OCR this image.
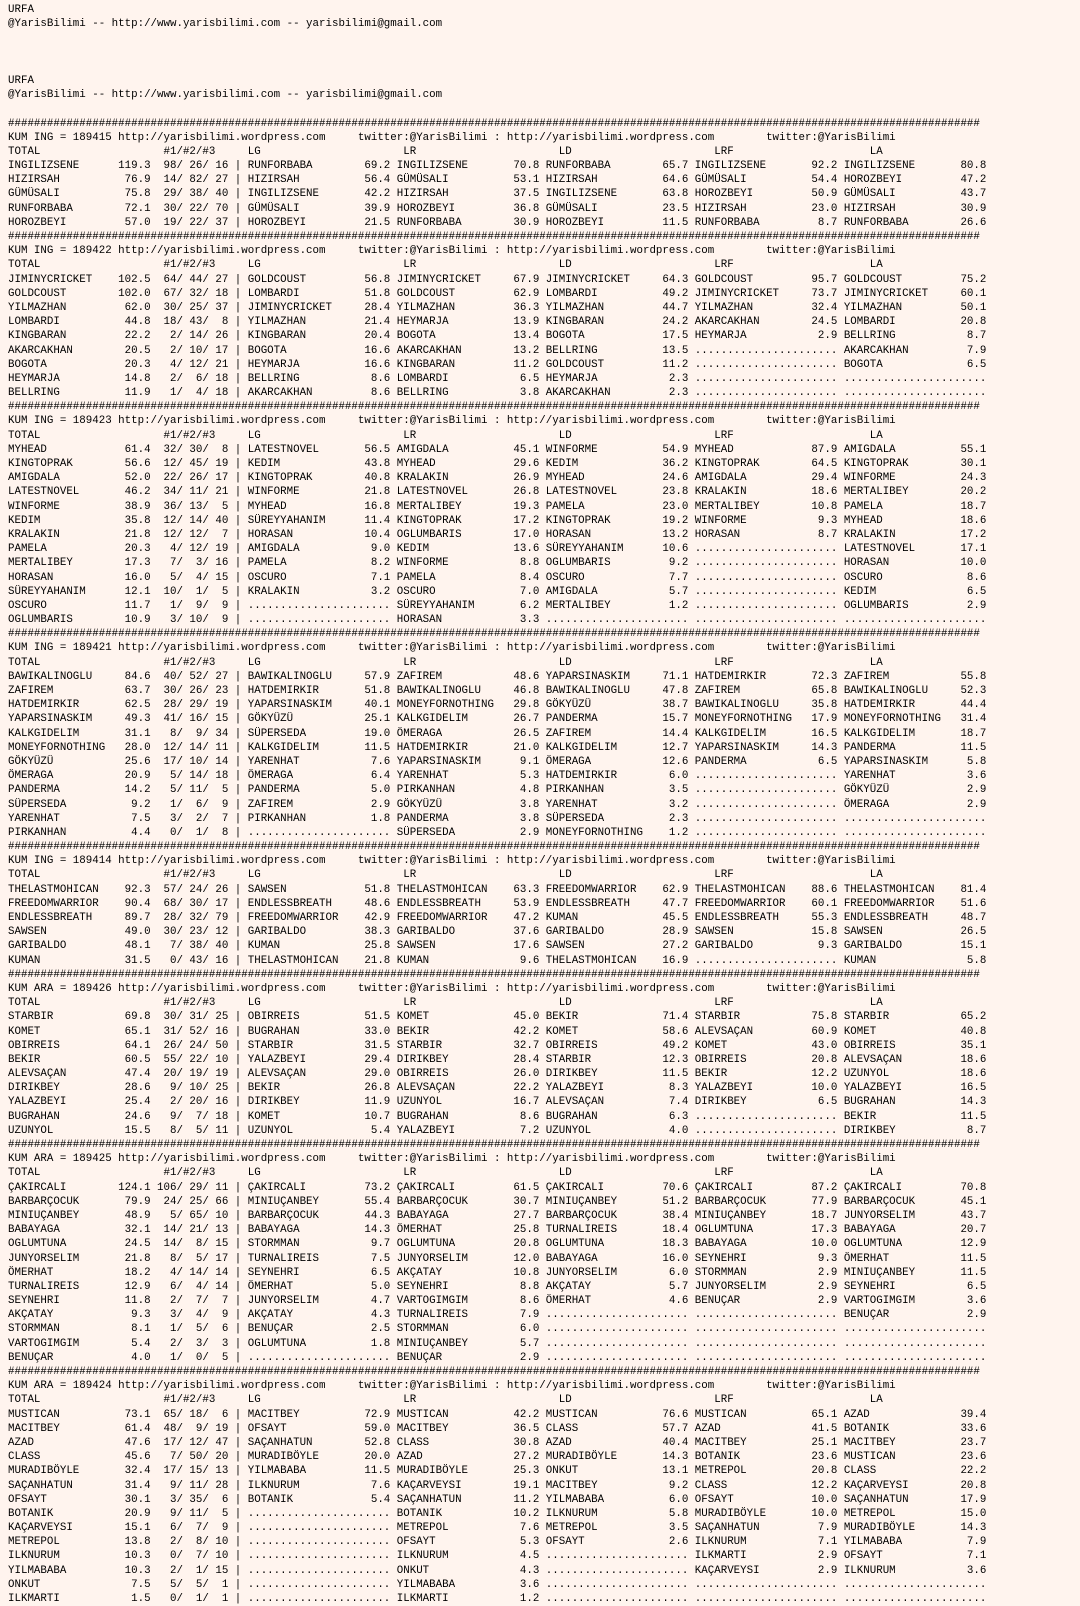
URFA
@YarisBilimi -- http://www.yarisbilimi.com -- yarisbilimi@gmail.com

URFA
@YarisBilimi -- http://www.yarisbilimi.com -- yarisbilimi@gmail.com

######################################################################################################################################################
KUM ING = 189415 http://yarisbilimi.wordpress.com     twitter:@YarisBilimi : http://yarisbilimi.wordpress.com        twitter:@YarisBilimi
TOTAL                   #1/#2/#3     LG                      LR                      LD                      LRF                     LA
INGILIZSENE      119.3  98/ 26/ 16 | RUNFORBABA        69.2 INGILIZSENE       70.8 RUNFORBABA        65.7 INGILIZSENE       92.2 INGILIZSENE       80.8
HIZIRSAH          76.9  14/ 82/ 27 | HIZIRSAH          56.4 GÜMÜSALI          53.1 HIZIRSAH          64.6 GÜMÜSALI          54.4 HOROZBEYI         47.2
GÜMÜSALI          75.8  29/ 38/ 40 | INGILIZSENE       42.2 HIZIRSAH          37.5 INGILIZSENE       63.8 HOROZBEYI         50.9 GÜMÜSALI          43.7
RUNFORBABA        72.1  30/ 22/ 70 | GÜMÜSALI          39.9 HOROZBEYI         36.8 GÜMÜSALI          23.5 HIZIRSAH          23.0 HIZIRSAH          30.9
HOROZBEYI         57.0  19/ 22/ 37 | HOROZBEYI         21.5 RUNFORBABA        30.9 HOROZBEYI         11.5 RUNFORBABA         8.7 RUNFORBABA        26.6
######################################################################################################################################################
KUM ING = 189422 http://yarisbilimi.wordpress.com     twitter:@YarisBilimi : http://yarisbilimi.wordpress.com        twitter:@YarisBilimi
TOTAL                   #1/#2/#3     LG                      LR                      LD                      LRF                     LA
JIMINYCRICKET    102.5  64/ 44/ 27 | GOLDCOUST         56.8 JIMINYCRICKET     67.9 JIMINYCRICKET     64.3 GOLDCOUST         95.7 GOLDCOUST         75.2
GOLDCOUST        102.0  67/ 32/ 18 | LOMBARDI          51.8 GOLDCOUST         62.9 LOMBARDI          49.2 JIMINYCRICKET     73.7 JIMINYCRICKET     60.1
YILMAZHAN         62.0  30/ 25/ 37 | JIMINYCRICKET     28.4 YILMAZHAN         36.3 YILMAZHAN         44.7 YILMAZHAN         32.4 YILMAZHAN         50.1
LOMBARDI          44.8  18/ 43/  8 | YILMAZHAN         21.4 HEYMARJA          13.9 KINGBARAN         24.2 AKARCAKHAN        24.5 LOMBARDI          20.8
KINGBARAN         22.2   2/ 14/ 26 | KINGBARAN         20.4 BOGOTA            13.4 BOGOTA            17.5 HEYMARJA           2.9 BELLRING           8.7
AKARCAKHAN        20.5   2/ 10/ 17 | BOGOTA            16.6 AKARCAKHAN        13.2 BELLRING          13.5 ...................... AKARCAKHAN         7.9
BOGOTA            20.3   4/ 12/ 21 | HEYMARJA          16.6 KINGBARAN         11.2 GOLDCOUST         11.2 ...................... BOGOTA             6.5
HEYMARJA          14.8   2/  6/ 18 | BELLRING           8.6 LOMBARDI           6.5 HEYMARJA           2.3 ...................... ......................
BELLRING          11.9   1/  4/ 18 | AKARCAKHAN         8.6 BELLRING           3.8 AKARCAKHAN         2.3 ...................... ......................
######################################################################################################################################################
KUM ING = 189423 http://yarisbilimi.wordpress.com     twitter:@YarisBilimi : http://yarisbilimi.wordpress.com        twitter:@YarisBilimi
TOTAL                   #1/#2/#3     LG                      LR                      LD                      LRF                     LA
MYHEAD            61.4  32/ 30/  8 | LATESTNOVEL       56.5 AMIGDALA          45.1 WINFORME          54.9 MYHEAD            87.9 AMIGDALA          55.1
KINGTOPRAK        56.6  12/ 45/ 19 | KEDIM             43.8 MYHEAD            29.6 KEDIM             36.2 KINGTOPRAK        64.5 KINGTOPRAK        30.1
AMIGDALA          52.0  22/ 26/ 17 | KINGTOPRAK        40.8 KRALAKIN          26.9 MYHEAD            24.6 AMIGDALA          29.4 WINFORME          24.3
LATESTNOVEL       46.2  34/ 11/ 21 | WINFORME          21.8 LATESTNOVEL       26.8 LATESTNOVEL       23.8 KRALAKIN          18.6 MERTALIBEY        20.2
WINFORME          38.9  36/ 13/  5 | MYHEAD            16.8 MERTALIBEY        19.3 PAMELA            23.0 MERTALIBEY        10.8 PAMELA            18.7
KEDIM             35.8  12/ 14/ 40 | SÜREYYAHANIM      11.4 KINGTOPRAK        17.2 KINGTOPRAK        19.2 WINFORME           9.3 MYHEAD            18.6
KRALAKIN          21.8  12/ 12/  7 | HORASAN           10.4 OGLUMBARIS        17.0 HORASAN           13.2 HORASAN            8.7 KRALAKIN          17.2
PAMELA            20.3   4/ 12/ 19 | AMIGDALA           9.0 KEDIM             13.6 SÜREYYAHANIM      10.6 ...................... LATESTNOVEL       17.1
MERTALIBEY        17.3   7/  3/ 16 | PAMELA             8.2 WINFORME           8.8 OGLUMBARIS         9.2 ...................... HORASAN           10.0
HORASAN           16.0   5/  4/ 15 | OSCURO             7.1 PAMELA             8.4 OSCURO             7.7 ...................... OSCURO             8.6
SÜREYYAHANIM      12.1  10/  1/  5 | KRALAKIN           3.2 OSCURO             7.0 AMIGDALA           5.7 ...................... KEDIM              6.5
OSCURO            11.7   1/  9/  9 | ...................... SÜREYYAHANIM       6.2 MERTALIBEY         1.2 ...................... OGLUMBARIS         2.9
OGLUMBARIS        10.9   3/ 10/  9 | ...................... HORASAN            3.3 ...................... ...................... ......................
######################################################################################################################################################
KUM ING = 189421 http://yarisbilimi.wordpress.com     twitter:@YarisBilimi : http://yarisbilimi.wordpress.com        twitter:@YarisBilimi
TOTAL                   #1/#2/#3     LG                      LR                      LD                      LRF                     LA
BAWIKALINOGLU     84.6  40/ 52/ 27 | BAWIKALINOGLU     57.9 ZAFIREM           48.6 YAPARSINASKIM     71.1 HATDEMIRKIR       72.3 ZAFIREM           55.8
ZAFIREM           63.7  30/ 26/ 23 | HATDEMIRKIR       51.8 BAWIKALINOGLU     46.8 BAWIKALINOGLU     47.8 ZAFIREM           65.8 BAWIKALINOGLU     52.3
HATDEMIRKIR       62.5  28/ 29/ 19 | YAPARSINASKIM     40.1 MONEYFORNOTHING   29.8 GÖKYÜZÜ           38.7 BAWIKALINOGLU     35.8 HATDEMIRKIR       44.4
YAPARSINASKIM     49.3  41/ 16/ 15 | GÖKYÜZÜ           25.1 KALKGIDELIM       26.7 PANDERMA          15.7 MONEYFORNOTHING   17.9 MONEYFORNOTHING   31.4
KALKGIDELIM       31.1   8/  9/ 34 | SÜPERSEDA         19.0 ÖMERAGA           26.5 ZAFIREM           14.4 KALKGIDELIM       16.5 KALKGIDELIM       18.7
MONEYFORNOTHING   28.0  12/ 14/ 11 | KALKGIDELIM       11.5 HATDEMIRKIR       21.0 KALKGIDELIM       12.7 YAPARSINASKIM     14.3 PANDERMA          11.5
GÖKYÜZÜ           25.6  17/ 10/ 14 | YARENHAT           7.6 YAPARSINASKIM      9.1 ÖMERAGA           12.6 PANDERMA           6.5 YAPARSINASKIM      5.8
ÖMERAGA           20.9   5/ 14/ 18 | ÖMERAGA            6.4 YARENHAT           5.3 HATDEMIRKIR        6.0 ...................... YARENHAT           3.6
PANDERMA          14.2   5/ 11/  5 | PANDERMA           5.0 PIRKANHAN          4.8 PIRKANHAN          3.5 ...................... GÖKYÜZÜ            2.9
SÜPERSEDA          9.2   1/  6/  9 | ZAFIREM            2.9 GÖKYÜZÜ            3.8 YARENHAT           3.2 ...................... ÖMERAGA            2.9
YARENHAT           7.5   3/  2/  7 | PIRKANHAN          1.8 PANDERMA           3.8 SÜPERSEDA          2.3 ...................... ......................
PIRKANHAN          4.4   0/  1/  8 | ...................... SÜPERSEDA          2.9 MONEYFORNOTHING    1.2 ...................... ......................
######################################################################################################################################################
KUM ING = 189414 http://yarisbilimi.wordpress.com     twitter:@YarisBilimi : http://yarisbilimi.wordpress.com        twitter:@YarisBilimi
TOTAL                   #1/#2/#3     LG                      LR                      LD                      LRF                     LA
THELASTMOHICAN    92.3  57/ 24/ 26 | SAWSEN            51.8 THELASTMOHICAN    63.3 FREEDOMWARRIOR    62.9 THELASTMOHICAN    88.6 THELASTMOHICAN    81.4
FREEDOMWARRIOR    90.4  68/ 30/ 17 | ENDLESSBREATH     48.6 ENDLESSBREATH     53.9 ENDLESSBREATH     47.7 FREEDOMWARRIOR    60.1 FREEDOMWARRIOR    51.6
ENDLESSBREATH     89.7  28/ 32/ 79 | FREEDOMWARRIOR    42.9 FREEDOMWARRIOR    47.2 KUMAN             45.5 ENDLESSBREATH     55.3 ENDLESSBREATH     48.7
SAWSEN            49.0  30/ 23/ 12 | GARIBALDO         38.3 GARIBALDO         37.6 GARIBALDO         28.9 SAWSEN            15.8 SAWSEN            26.5
GARIBALDO         48.1   7/ 38/ 40 | KUMAN             25.8 SAWSEN            17.6 SAWSEN            27.2 GARIBALDO          9.3 GARIBALDO         15.1
KUMAN             31.5   0/ 43/ 16 | THELASTMOHICAN    21.8 KUMAN              9.6 THELASTMOHICAN    16.9 ...................... KUMAN              5.8
######################################################################################################################################################
KUM ARA = 189426 http://yarisbilimi.wordpress.com     twitter:@YarisBilimi : http://yarisbilimi.wordpress.com        twitter:@YarisBilimi
TOTAL                   #1/#2/#3     LG                      LR                      LD                      LRF                     LA
STARBIR           69.8  30/ 31/ 25 | OBIRREIS          51.5 KOMET             45.0 BEKIR             71.4 STARBIR           75.8 STARBIR           65.2
KOMET             65.1  31/ 52/ 16 | BUGRAHAN          33.0 BEKIR             42.2 KOMET             58.6 ALEVSAÇAN         60.9 KOMET             40.8
OBIRREIS          64.1  26/ 24/ 50 | STARBIR           31.5 STARBIR           32.7 OBIRREIS          49.2 KOMET             43.0 OBIRREIS          35.1
BEKIR             60.5  55/ 22/ 10 | YALAZBEYI         29.4 DIRIKBEY          28.4 STARBIR           12.3 OBIRREIS          20.8 ALEVSAÇAN         18.6
ALEVSAÇAN         47.4  20/ 19/ 19 | ALEVSAÇAN         29.0 OBIRREIS          26.0 DIRIKBEY          11.5 BEKIR             12.2 UZUNYOL           18.6
DIRIKBEY          28.6   9/ 10/ 25 | BEKIR             26.8 ALEVSAÇAN         22.2 YALAZBEYI          8.3 YALAZBEYI         10.0 YALAZBEYI         16.5
YALAZBEYI         25.4   2/ 20/ 16 | DIRIKBEY          11.9 UZUNYOL           16.7 ALEVSAÇAN          7.4 DIRIKBEY           6.5 BUGRAHAN          14.3
BUGRAHAN          24.6   9/  7/ 18 | KOMET             10.7 BUGRAHAN           8.6 BUGRAHAN           6.3 ...................... BEKIR             11.5
UZUNYOL           15.5   8/  5/ 11 | UZUNYOL            5.4 YALAZBEYI          7.2 UZUNYOL            4.0 ...................... DIRIKBEY           8.7
######################################################################################################################################################
KUM ARA = 189425 http://yarisbilimi.wordpress.com     twitter:@YarisBilimi : http://yarisbilimi.wordpress.com        twitter:@YarisBilimi
TOTAL                   #1/#2/#3     LG                      LR                      LD                      LRF                     LA
ÇAKIRCALI        124.1 106/ 29/ 11 | ÇAKIRCALI         73.2 ÇAKIRCALI         61.5 ÇAKIRCALI         70.6 ÇAKIRCALI         87.2 ÇAKIRCALI         70.8
BARBARÇOCUK       79.9  24/ 25/ 66 | MINIUÇANBEY       55.4 BARBARÇOCUK       30.7 MINIUÇANBEY       51.2 BARBARÇOCUK       77.9 BARBARÇOCUK       45.1
MINIUÇANBEY       48.9   5/ 65/ 10 | BARBARÇOCUK       44.3 BABAYAGA          27.7 BARBARÇOCUK       38.4 MINIUÇANBEY       18.7 JUNYORSELIM       43.7
BABAYAGA          32.1  14/ 21/ 13 | BABAYAGA          14.3 ÖMERHAT           25.8 TURNALIREIS       18.4 OGLUMTUNA         17.3 BABAYAGA          20.7
OGLUMTUNA         24.5  14/  8/ 15 | STORMMAN           9.7 OGLUMTUNA         20.8 OGLUMTUNA         18.3 BABAYAGA          10.0 OGLUMTUNA         12.9
JUNYORSELIM       21.8   8/  5/ 17 | TURNALIREIS        7.5 JUNYORSELIM       12.0 BABAYAGA          16.0 SEYNEHRI           9.3 ÖMERHAT           11.5
ÖMERHAT           18.2   4/ 14/ 14 | SEYNEHRI           6.5 AKÇATAY           10.8 JUNYORSELIM        6.0 STORMMAN           2.9 MINIUÇANBEY       11.5
TURNALIREIS       12.9   6/  4/ 14 | ÖMERHAT            5.0 SEYNEHRI           8.8 AKÇATAY            5.7 JUNYORSELIM        2.9 SEYNEHRI           6.5
SEYNEHRI          11.8   2/  7/  7 | JUNYORSELIM        4.7 VARTOGIMGIM        8.6 ÖMERHAT            4.6 BENUÇAR            2.9 VARTOGIMGIM        3.6
AKÇATAY            9.3   3/  4/  9 | AKÇATAY            4.3 TURNALIREIS        7.9 ...................... ...................... BENUÇAR            2.9
STORMMAN           8.1   1/  5/  6 | BENUÇAR            2.5 STORMMAN           6.0 ...................... ...................... ......................
VARTOGIMGIM        5.4   2/  3/  3 | OGLUMTUNA          1.8 MINIUÇANBEY        5.7 ...................... ...................... ......................
BENUÇAR            4.0   1/  0/  5 | ...................... BENUÇAR            2.9 ...................... ...................... ......................
######################################################################################################################################################
KUM ARA = 189424 http://yarisbilimi.wordpress.com     twitter:@YarisBilimi : http://yarisbilimi.wordpress.com        twitter:@YarisBilimi
TOTAL                   #1/#2/#3     LG                      LR                      LD                      LRF                     LA
MUSTICAN          73.1  65/ 18/  6 | MACITBEY          72.9 MUSTICAN          42.2 MUSTICAN          76.6 MUSTICAN          65.1 AZAD              39.4
MACITBEY          61.4  48/  9/ 19 | OFSAYT            59.0 MACITBEY          36.5 CLASS             57.7 AZAD              41.5 BOTANIK           33.6
AZAD              47.6  17/ 12/ 47 | SAÇANHATUN        52.8 CLASS             30.8 AZAD              40.4 MACITBEY          25.1 MACITBEY          23.7
CLASS             45.6   7/ 50/ 20 | MURADIBÖYLE       20.0 AZAD              27.2 MURADIBÖYLE       14.3 BOTANIK           23.6 MUSTICAN          23.6
MURADIBÖYLE       32.4  17/ 15/ 13 | YILMABABA         11.5 MURADIBÖYLE       25.3 ONKUT             13.1 METREPOL          20.8 CLASS             22.2
SAÇANHATUN        31.4   9/ 11/ 28 | ILKNURUM           7.6 KAÇARVEYSI        19.1 MACITBEY           9.2 CLASS             12.2 KAÇARVEYSI        20.8
OFSAYT            30.1   3/ 35/  6 | BOTANIK            5.4 SAÇANHATUN        11.2 YILMABABA          6.0 OFSAYT            10.0 SAÇANHATUN        17.9
BOTANIK           20.9   9/ 11/  5 | ...................... BOTANIK           10.2 ILKNURUM           5.8 MURADIBÖYLE       10.0 METREPOL          15.0
KAÇARVEYSI        15.1   6/  7/  9 | ...................... METREPOL           7.6 METREPOL           3.5 SAÇANHATUN         7.9 MURADIBÖYLE       14.3
METREPOL          13.8   2/  8/ 10 | ...................... OFSAYT             5.3 OFSAYT             2.6 ILKNURUM           7.1 YILMABABA          7.9
ILKNURUM          10.3   0/  7/ 10 | ...................... ILKNURUM           4.5 ...................... ILKMARTI           2.9 OFSAYT             7.1
YILMABABA         10.3   2/  1/ 15 | ...................... ONKUT              4.3 ...................... KAÇARVEYSI         2.9 ILKNURUM           3.6
ONKUT              7.5   5/  5/  1 | ...................... YILMABABA          3.6 ...................... ...................... ......................
ILKMARTI           1.5   0/  1/  1 | ...................... ILKMARTI           1.2 ...................... ...................... ......................
